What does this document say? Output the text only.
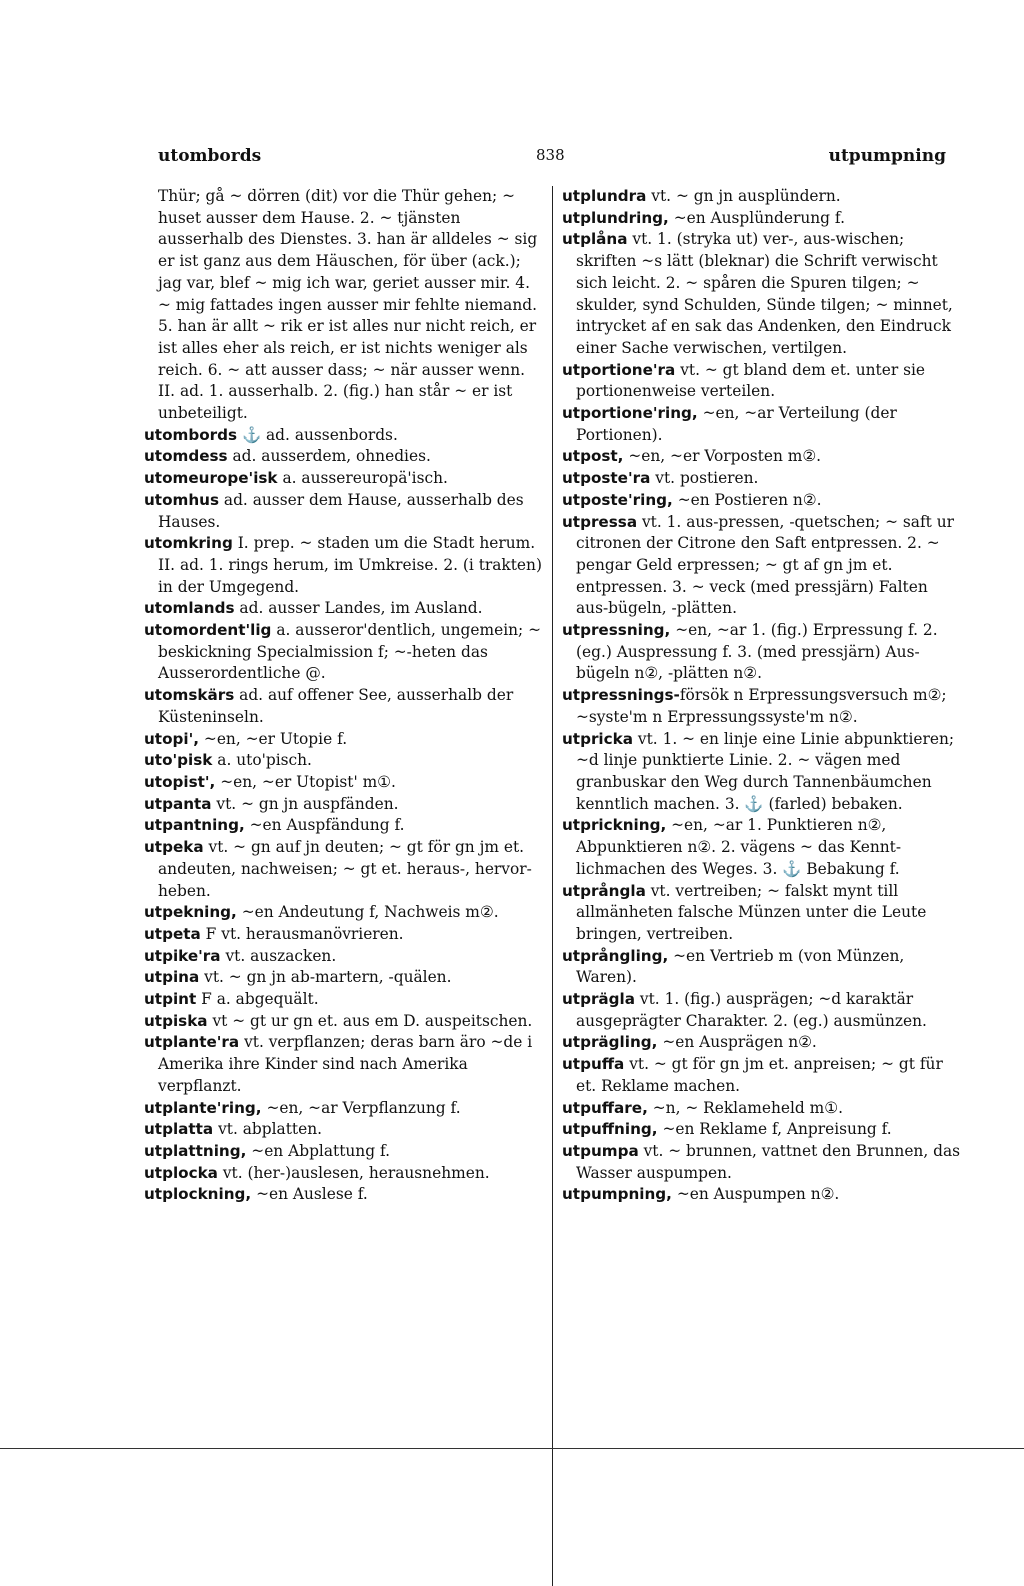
utombords	838	utpumpning

Thür; gå ~ dörren (dit) vor die Thür gehen; ~ huset ausser dem Hause. 2. ~ tjänsten ausserhalb des Dienstes. 3. han är alldeles ~ sig er ist ganz aus dem Häuschen, för über (ack.); jag var, blef ~ mig ich war, geriet ausser mir. 4. ~ mig fattades ingen ausser mir fehlte niemand. 5. han är allt ~ rik er ist alles nur nicht reich, er ist alles eher als reich, er ist nichts weniger als reich. 6. ~ att ausser dass; ~ när ausser wenn. II. ad. 1. ausserhalb. 2. (fig.) han står ~ er ist unbeteiligt.

utombords ⚓ ad. aussenbords.

utomdess ad. ausserdem, ohnedies.

utomeurope'isk a. aussereuropä'isch.

utomhus ad. ausser dem Hause, ausserhalb des Hauses.

utomkring I. prep. ~ staden um die Stadt herum. II. ad. 1. rings herum, im Umkreise. 2. (i trakten) in der Umgegend.

utomlands ad. ausser Landes, im Ausland.

utomordent'lig a. ausseror'dentlich, ungemein; ~ beskickning Specialmission f; ~-heten das Ausserordentliche @.

utomskärs ad. auf offener See, ausserhalb der Küsteninseln.

utopi', ~en, ~er Utopie f.

uto'pisk a. uto'pisch.

utopist', ~en, ~er Utopist' m①.

utpanta vt. ~ gn jn auspfänden.

utpantning, ~en Auspfändung f.

utpeka vt. ~ gn auf jn deuten; ~ gt för gn jm et. andeuten, nachweisen; ~ gt et. heraus-, hervor-heben.

utpekning, ~en Andeutung f, Nachweis m②.

utpeta F vt. herausmanövrieren.

utpike'ra vt. auszacken.

utpina vt. ~ gn jn ab-martern, -quälen.

utpint F a. abgequält.

utpiska vt ~ gt ur gn et. aus em D. auspeitschen.

utplante'ra vt. verpflanzen; deras barn äro ~de i Amerika ihre Kinder sind nach Amerika verpflanzt.

utplante'ring, ~en, ~ar Verpflanzung f.

utplatta vt. abplatten.

utplattning, ~en Abplattung f.

utplocka vt. (her-)auslesen, herausnehmen.

utplockning, ~en Auslese f.

utplundra vt. ~ gn jn ausplündern.

utplundring, ~en Ausplünderung f.

utplåna vt. 1. (stryka ut) ver-, aus-wischen; skriften ~s lätt (bleknar) die Schrift verwischt sich leicht. 2. ~ spåren die Spuren tilgen; ~ skulder, synd Schulden, Sünde tilgen; ~ minnet, intrycket af en sak das Andenken, den Eindruck einer Sache verwischen, vertilgen.

utportione'ra vt. ~ gt bland dem et. unter sie portionenweise verteilen.

utportione'ring, ~en, ~ar Verteilung (der Portionen).

utpost, ~en, ~er Vorposten m②.

utposte'ra vt. postieren.

utposte'ring, ~en Postieren n②.

utpressa vt. 1. aus-pressen, -quetschen; ~ saft ur citronen der Citrone den Saft entpressen. 2. ~ pengar Geld erpressen; ~ gt af gn jm et. entpressen. 3. ~ veck (med pressjärn) Falten aus-bügeln, -plätten.

utpressning, ~en, ~ar 1. (fig.) Erpressung f. 2. (eg.) Auspressung f. 3. (med pressjärn) Aus-bügeln n②, -plätten n②.

utpressnings-försök n Erpressungsversuch m②; ~syste'm n Erpressungssyste'm n②.

utpricka vt. 1. ~ en linje eine Linie abpunktieren; ~d linje punktierte Linie. 2. ~ vägen med granbuskar den Weg durch Tannenbäumchen kenntlich machen. 3. ⚓ (farled) bebaken.

utprickning, ~en, ~ar 1. Punktieren n②, Abpunktieren n②. 2. vägens ~ das Kenntlichmachen des Weges. 3. ⚓ Bebakung f.

utprångla vt. vertreiben; ~ falskt mynt till allmänheten falsche Münzen unter die Leute bringen, vertreiben.

utprångling, ~en Vertrieb m (von Münzen, Waren).

utprägla vt. 1. (fig.) ausprägen; ~d karaktär ausgeprägter Charakter. 2. (eg.) ausmünzen.

utprägling, ~en Ausprägen n②.

utpuffa vt. ~ gt för gn jm et. anpreisen; ~ gt für et. Reklame machen.

utpuffare, ~n, ~ Reklameheld m①.

utpuffning, ~en Reklame f, Anpreisung f.

utpumpa vt. ~ brunnen, vattnet den Brunnen, das Wasser auspumpen.

utpumpning, ~en Auspumpen n②.
